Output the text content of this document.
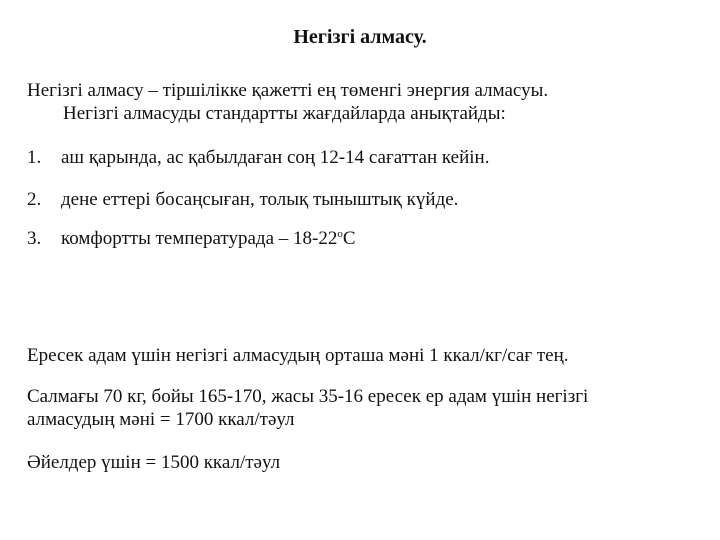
Негізгі алмасу.
Негізгі алмасу – тіршілікке қажетті ең төменгі энергия алмасуы.
Негізгі алмасуды стандартты жағдайларда анықтайды:
1. аш қарында, ас қабылдаған соң 12-14 сағаттан кейін.
2. дене еттері босаңсыған, толық тыныштық күйде.
3. комфортты температурада – $18-22^оС$
Ересек адам үшін негізгі алмасудың орташа мәні 1 ккал/кг/сағ тең.
Салмағы 70 кг, бойы 165-170, жасы 35-16 ересек ер адам үшін негізгі
алмасудың мәні = 1700 ккал/тәул
Әйелдер үшін = 1500 ккал/тәул
